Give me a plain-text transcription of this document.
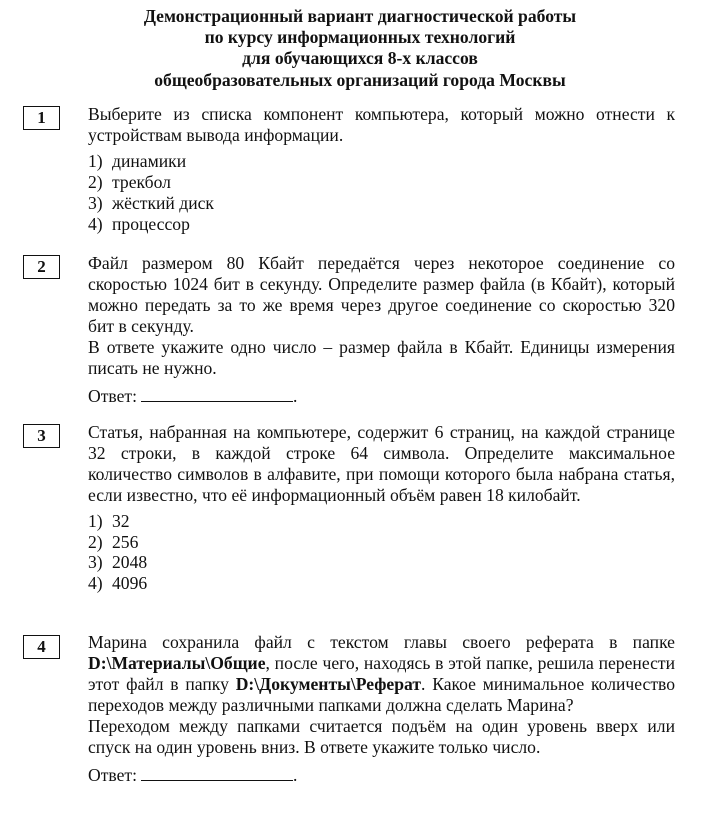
Демонстрационный вариант диагностической работы
по курсу информационных технологий
для обучающихся 8-х классов
общеобразовательных организаций города Москвы
1	Выберите из списка компонент компьютера, который можно отнести к устройствам вывода информации.

1) динамики
2) трекбол
3) жёсткий диск
4) процессор
2	Файл размером 80 Кбайт передаётся через некоторое соединение со скоростью 1024 бит в секунду. Определите размер файла (в Кбайт), который можно передать за то же время через другое соединение со скоростью 320 бит в секунду.

В ответе укажите одно число – размер файла в Кбайт. Единицы измерения писать не нужно.

Ответ:	.
3	Статья, набранная на компьютере, содержит 6 страниц, на каждой странице 32 строки, в каждой строке 64 символа. Определите максимальное количество символов в алфавите, при помощи которого была набрана статья, если известно, что её информационный объём равен 18 килобайт.

1) 32
2) 256
3) 2048
4) 4096
4	Марина сохранила файл с текстом главы своего реферата в папке D:\Материалы\Общие, после чего, находясь в этой папке, решила перенести этот файл в папку D:\Документы\Реферат. Какое минимальное количество переходов между различными папками должна сделать Марина?

Переходом между папками считается подъём на один уровень вверх или спуск на один уровень вниз. В ответе укажите только число.

Ответ:	.
